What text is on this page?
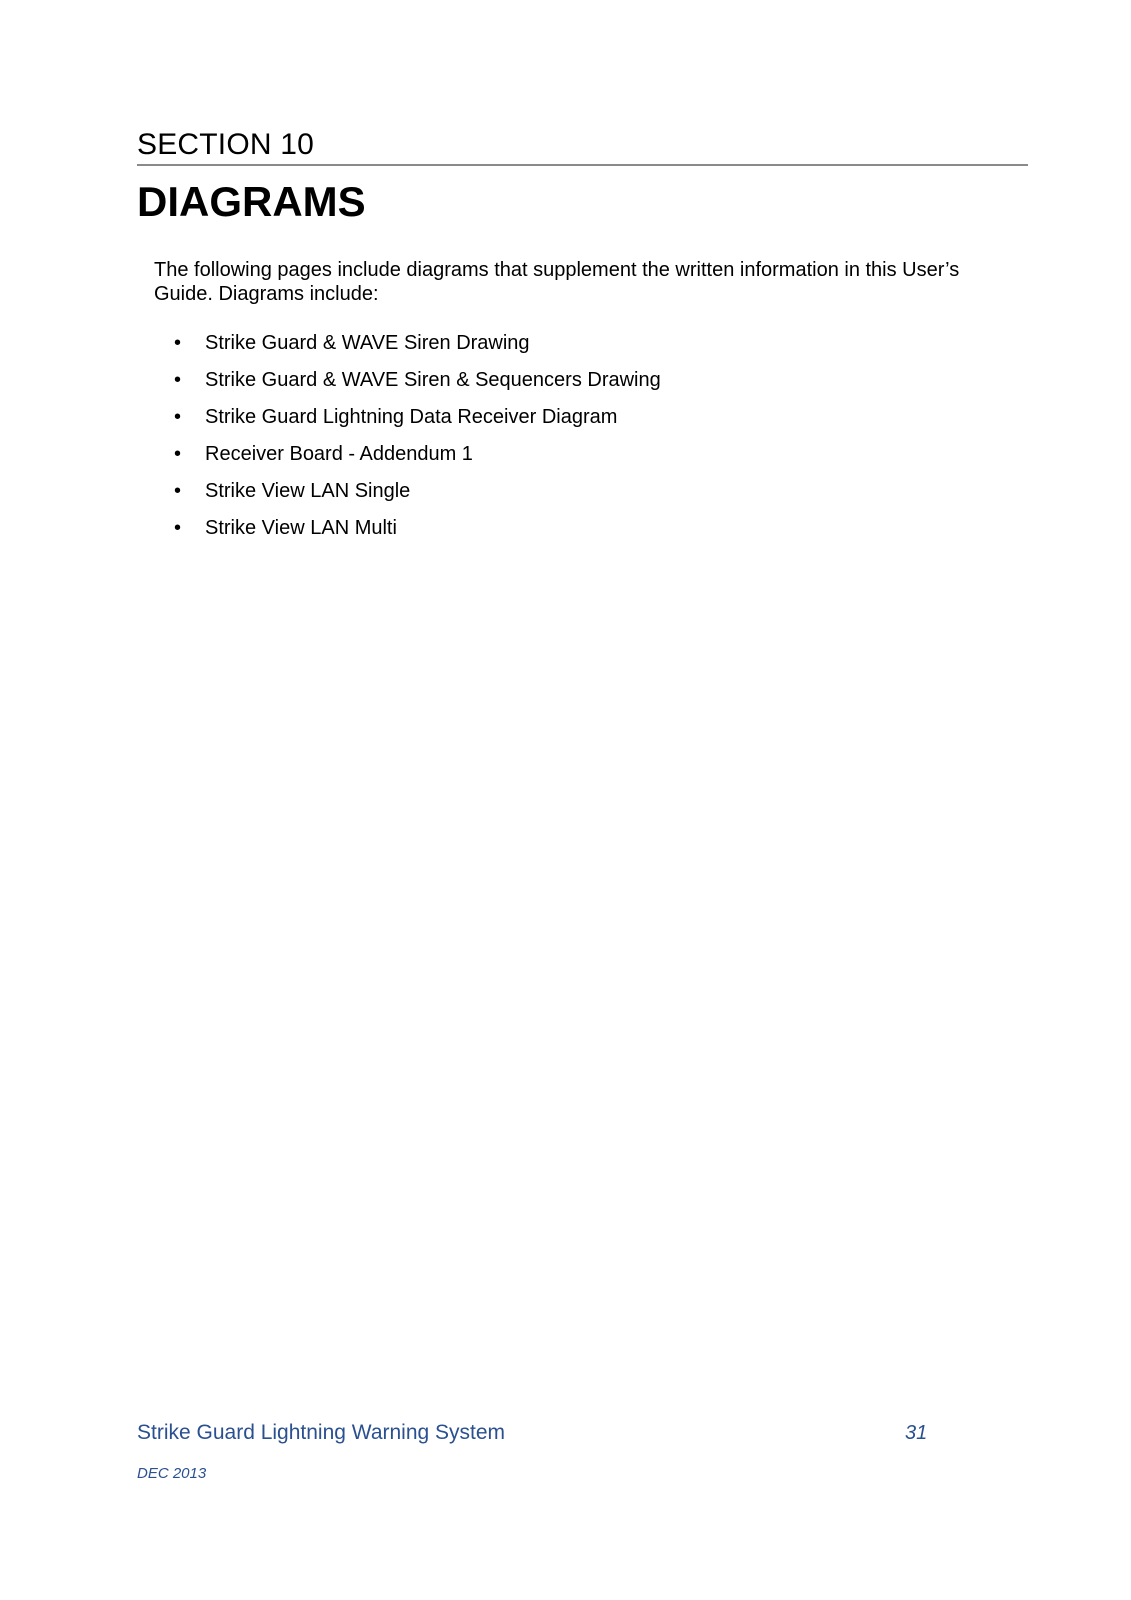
SECTION 10
DIAGRAMS

The following pages include diagrams that supplement the written information in this User’s Guide. Diagrams include:

• Strike Guard & WAVE Siren Drawing
• Strike Guard & WAVE Siren & Sequencers Drawing
• Strike Guard Lightning Data Receiver Diagram
• Receiver Board - Addendum 1
• Strike View LAN Single
• Strike View LAN Multi
Strike Guard Lightning Warning System	31
DEC 2013
